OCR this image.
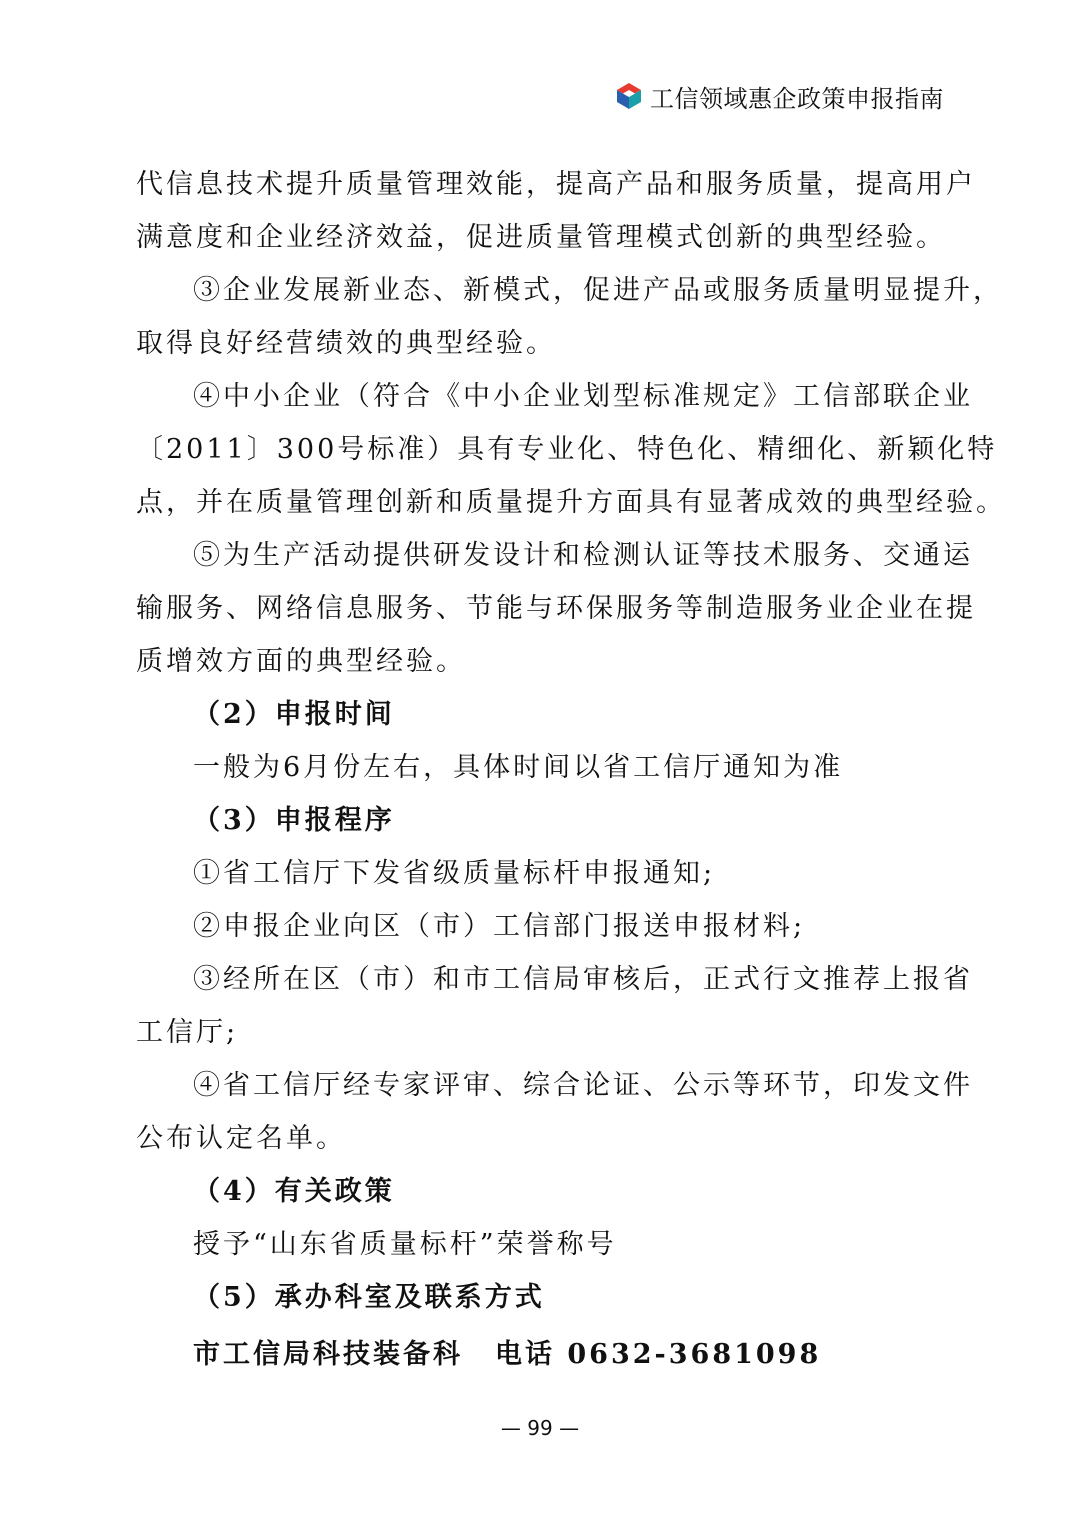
工信领域惠企政策申报指南
代信息技术提升质量管理效能，提高产品和服务质量，提高用户
满意度和企业经济效益，促进质量管理模式创新的典型经验。
③企业发展新业态、新模式，促进产品或服务质量明显提升，
取得良好经营绩效的典型经验。
④中小企业（符合《中小企业划型标准规定》工信部联企业
〔2011〕300号标准）具有专业化、特色化、精细化、新颖化特
点，并在质量管理创新和质量提升方面具有显著成效的典型经验。
⑤为生产活动提供研发设计和检测认证等技术服务、交通运
输服务、网络信息服务、节能与环保服务等制造服务业企业在提
质增效方面的典型经验。
（2）申报时间
一般为6月份左右，具体时间以省工信厅通知为准
（3）申报程序
①省工信厅下发省级质量标杆申报通知;
②申报企业向区（市）工信部门报送申报材料;
③经所在区（市）和市工信局审核后，正式行文推荐上报省
工信厅;
④省工信厅经专家评审、综合论证、公示等环节，印发文件
公布认定名单。
（4）有关政策
授予“山东省质量标杆”荣誉称号
（5）承办科室及联系方式
市工信局科技装备科 电话 0632-3681098
— 99 —
